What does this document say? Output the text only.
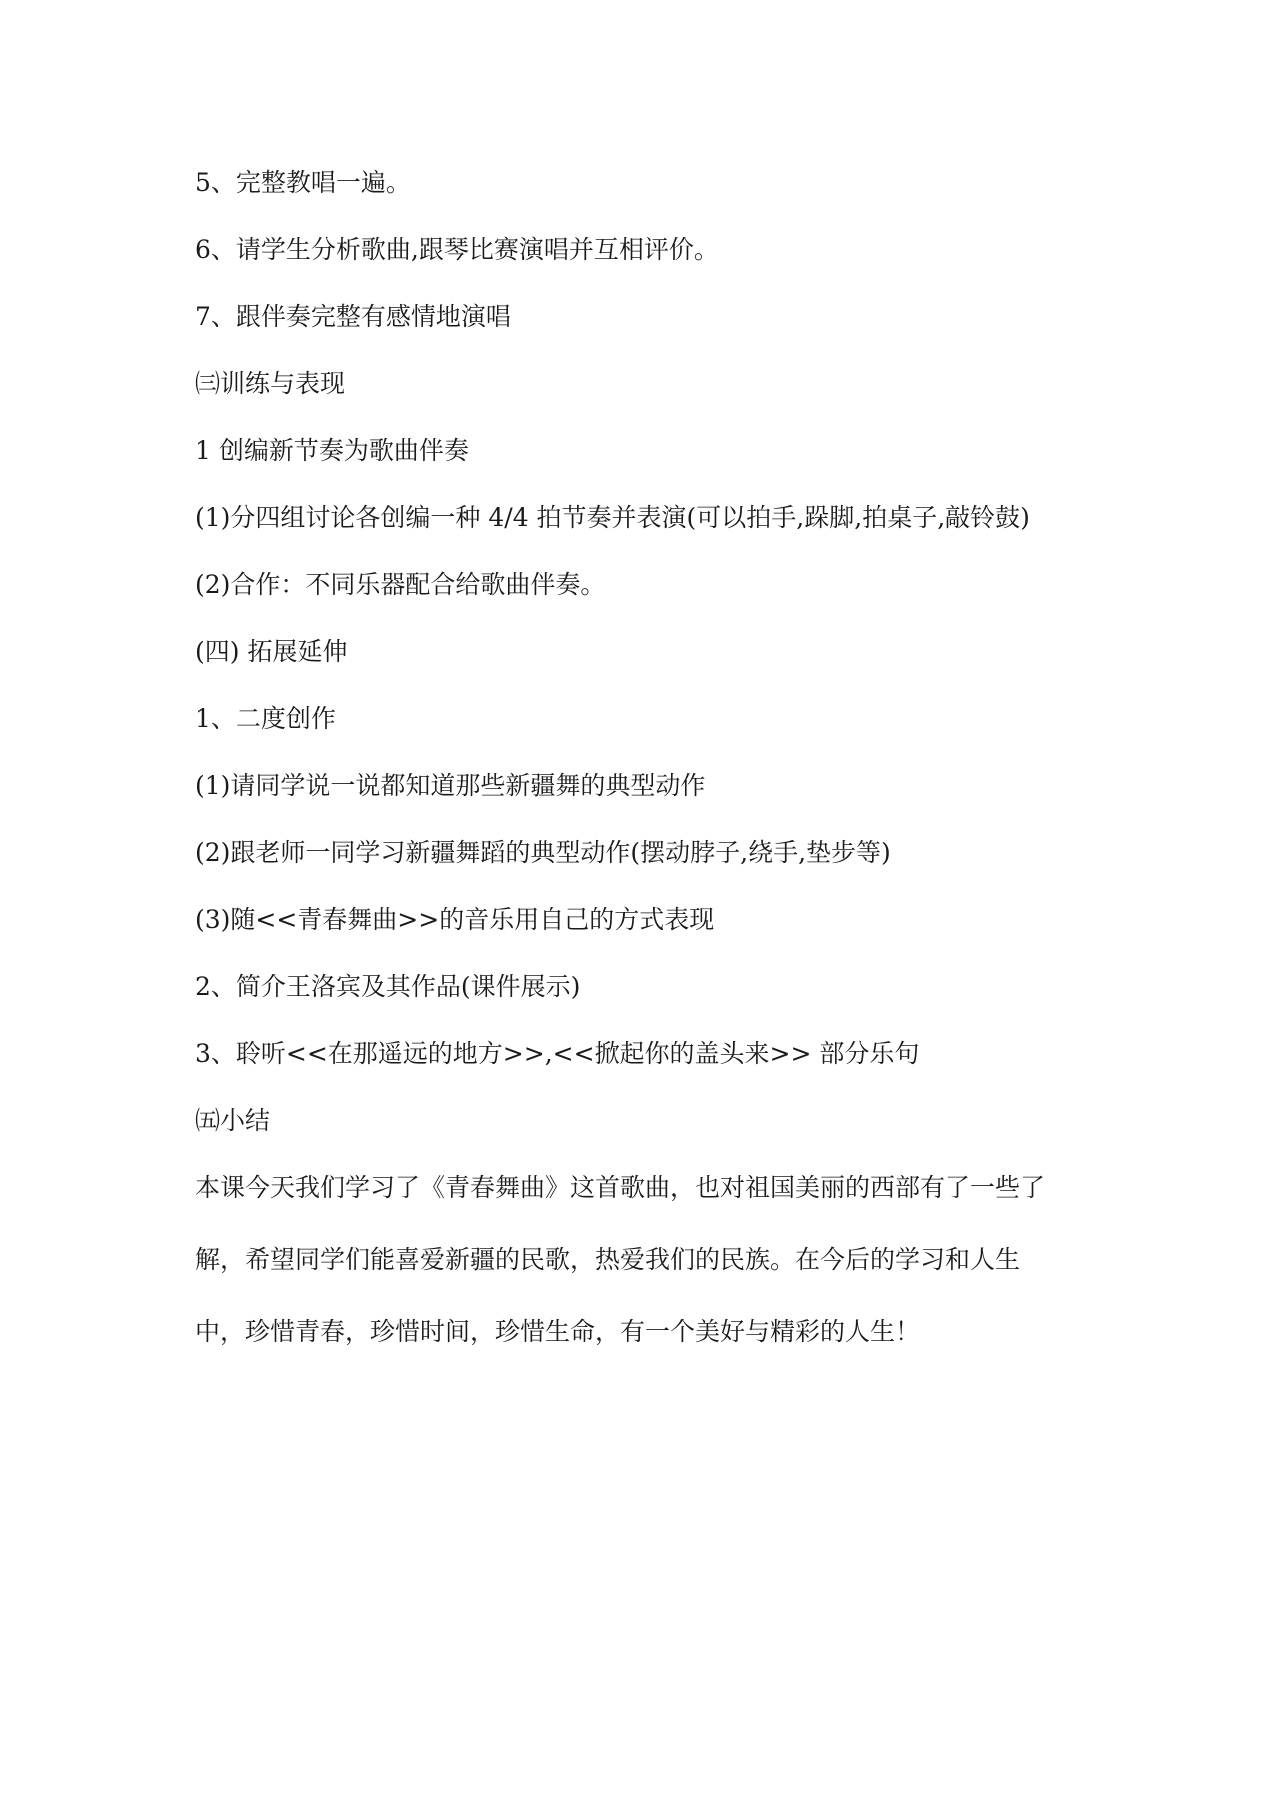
5、完整教唱一遍。
6、请学生分析歌曲,跟琴比赛演唱并互相评价。
7、跟伴奏完整有感情地演唱
㈢训练与表现
1 创编新节奏为歌曲伴奏
(1)分四组讨论各创编一种 4/4 拍节奏并表演(可以拍手,跺脚,拍桌子,敲铃鼓)
(2)合作：不同乐器配合给歌曲伴奏。
(四) 拓展延伸
1、二度创作
(1)请同学说一说都知道那些新疆舞的典型动作
(2)跟老师一同学习新疆舞蹈的典型动作(摆动脖子,绕手,垫步等)
(3)随<<青春舞曲>>的音乐用自己的方式表现
2、简介王洛宾及其作品(课件展示)
3、聆听<<在那遥远的地方>>,<<掀起你的盖头来>> 部分乐句
㈤小结
本课今天我们学习了《青春舞曲》这首歌曲，也对祖国美丽的西部有了一些了
解，希望同学们能喜爱新疆的民歌，热爱我们的民族。在今后的学习和人生
中，珍惜青春，珍惜时间，珍惜生命，有一个美好与精彩的人生！
